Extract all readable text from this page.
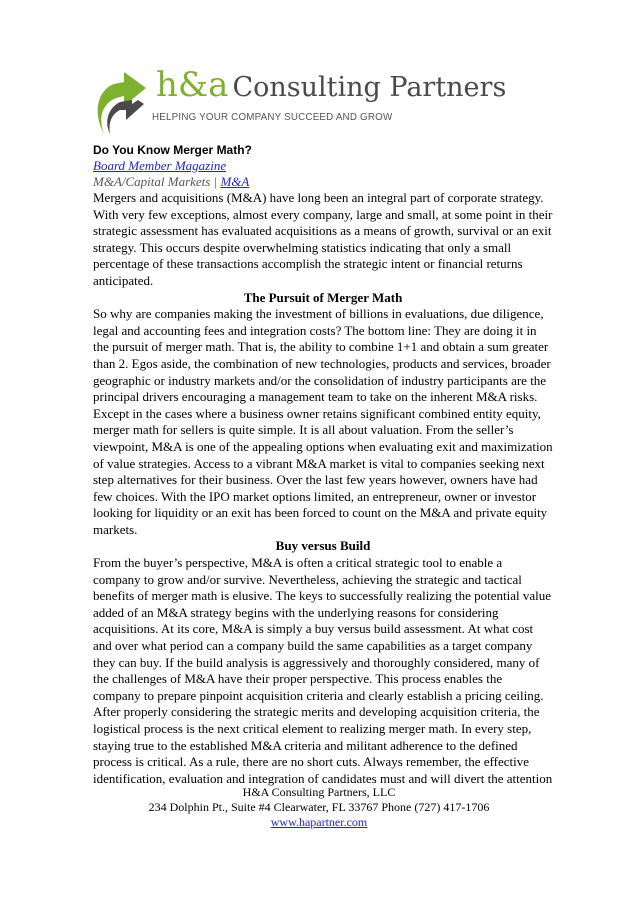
h&a Consulting Partners
HELPING YOUR COMPANY SUCCEED AND GROW

Do You Know Merger Math?

Board Member Magazine

M&A/Capital Markets | M&A

Mergers and acquisitions (M&A) have long been an integral part of corporate strategy. With very few exceptions, almost every company, large and small, at some point in their strategic assessment has evaluated acquisitions as a means of growth, survival or an exit strategy. This occurs despite overwhelming statistics indicating that only a small percentage of these transactions accomplish the strategic intent or financial returns anticipated.

The Pursuit of Merger Math

So why are companies making the investment of billions in evaluations, due diligence, legal and accounting fees and integration costs? The bottom line: They are doing it in the pursuit of merger math. That is, the ability to combine 1+1 and obtain a sum greater than 2. Egos aside, the combination of new technologies, products and services, broader geographic or industry markets and/or the consolidation of industry participants are the principal drivers encouraging a management team to take on the inherent M&A risks.

Except in the cases where a business owner retains significant combined entity equity, merger math for sellers is quite simple. It is all about valuation. From the seller’s viewpoint, M&A is one of the appealing options when evaluating exit and maximization of value strategies. Access to a vibrant M&A market is vital to companies seeking next step alternatives for their business. Over the last few years however, owners have had few choices. With the IPO market options limited, an entrepreneur, owner or investor looking for liquidity or an exit has been forced to count on the M&A and private equity markets.

Buy versus Build

From the buyer’s perspective, M&A is often a critical strategic tool to enable a company to grow and/or survive. Nevertheless, achieving the strategic and tactical benefits of merger math is elusive. The keys to successfully realizing the potential value added of an M&A strategy begins with the underlying reasons for considering acquisitions. At its core, M&A is simply a buy versus build assessment. At what cost and over what period can a company build the same capabilities as a target company they can buy. If the build analysis is aggressively and thoroughly considered, many of the challenges of M&A have their proper perspective. This process enables the company to prepare pinpoint acquisition criteria and clearly establish a pricing ceiling.

After properly considering the strategic merits and developing acquisition criteria, the logistical process is the next critical element to realizing merger math. In every step, staying true to the established M&A criteria and militant adherence to the defined process is critical. As a rule, there are no short cuts. Always remember, the effective identification, evaluation and integration of candidates must and will divert the attention

H&A Consulting Partners, LLC
234 Dolphin Pt., Suite #4 Clearwater, FL 33767 Phone (727) 417-1706
www.hapartner.com
